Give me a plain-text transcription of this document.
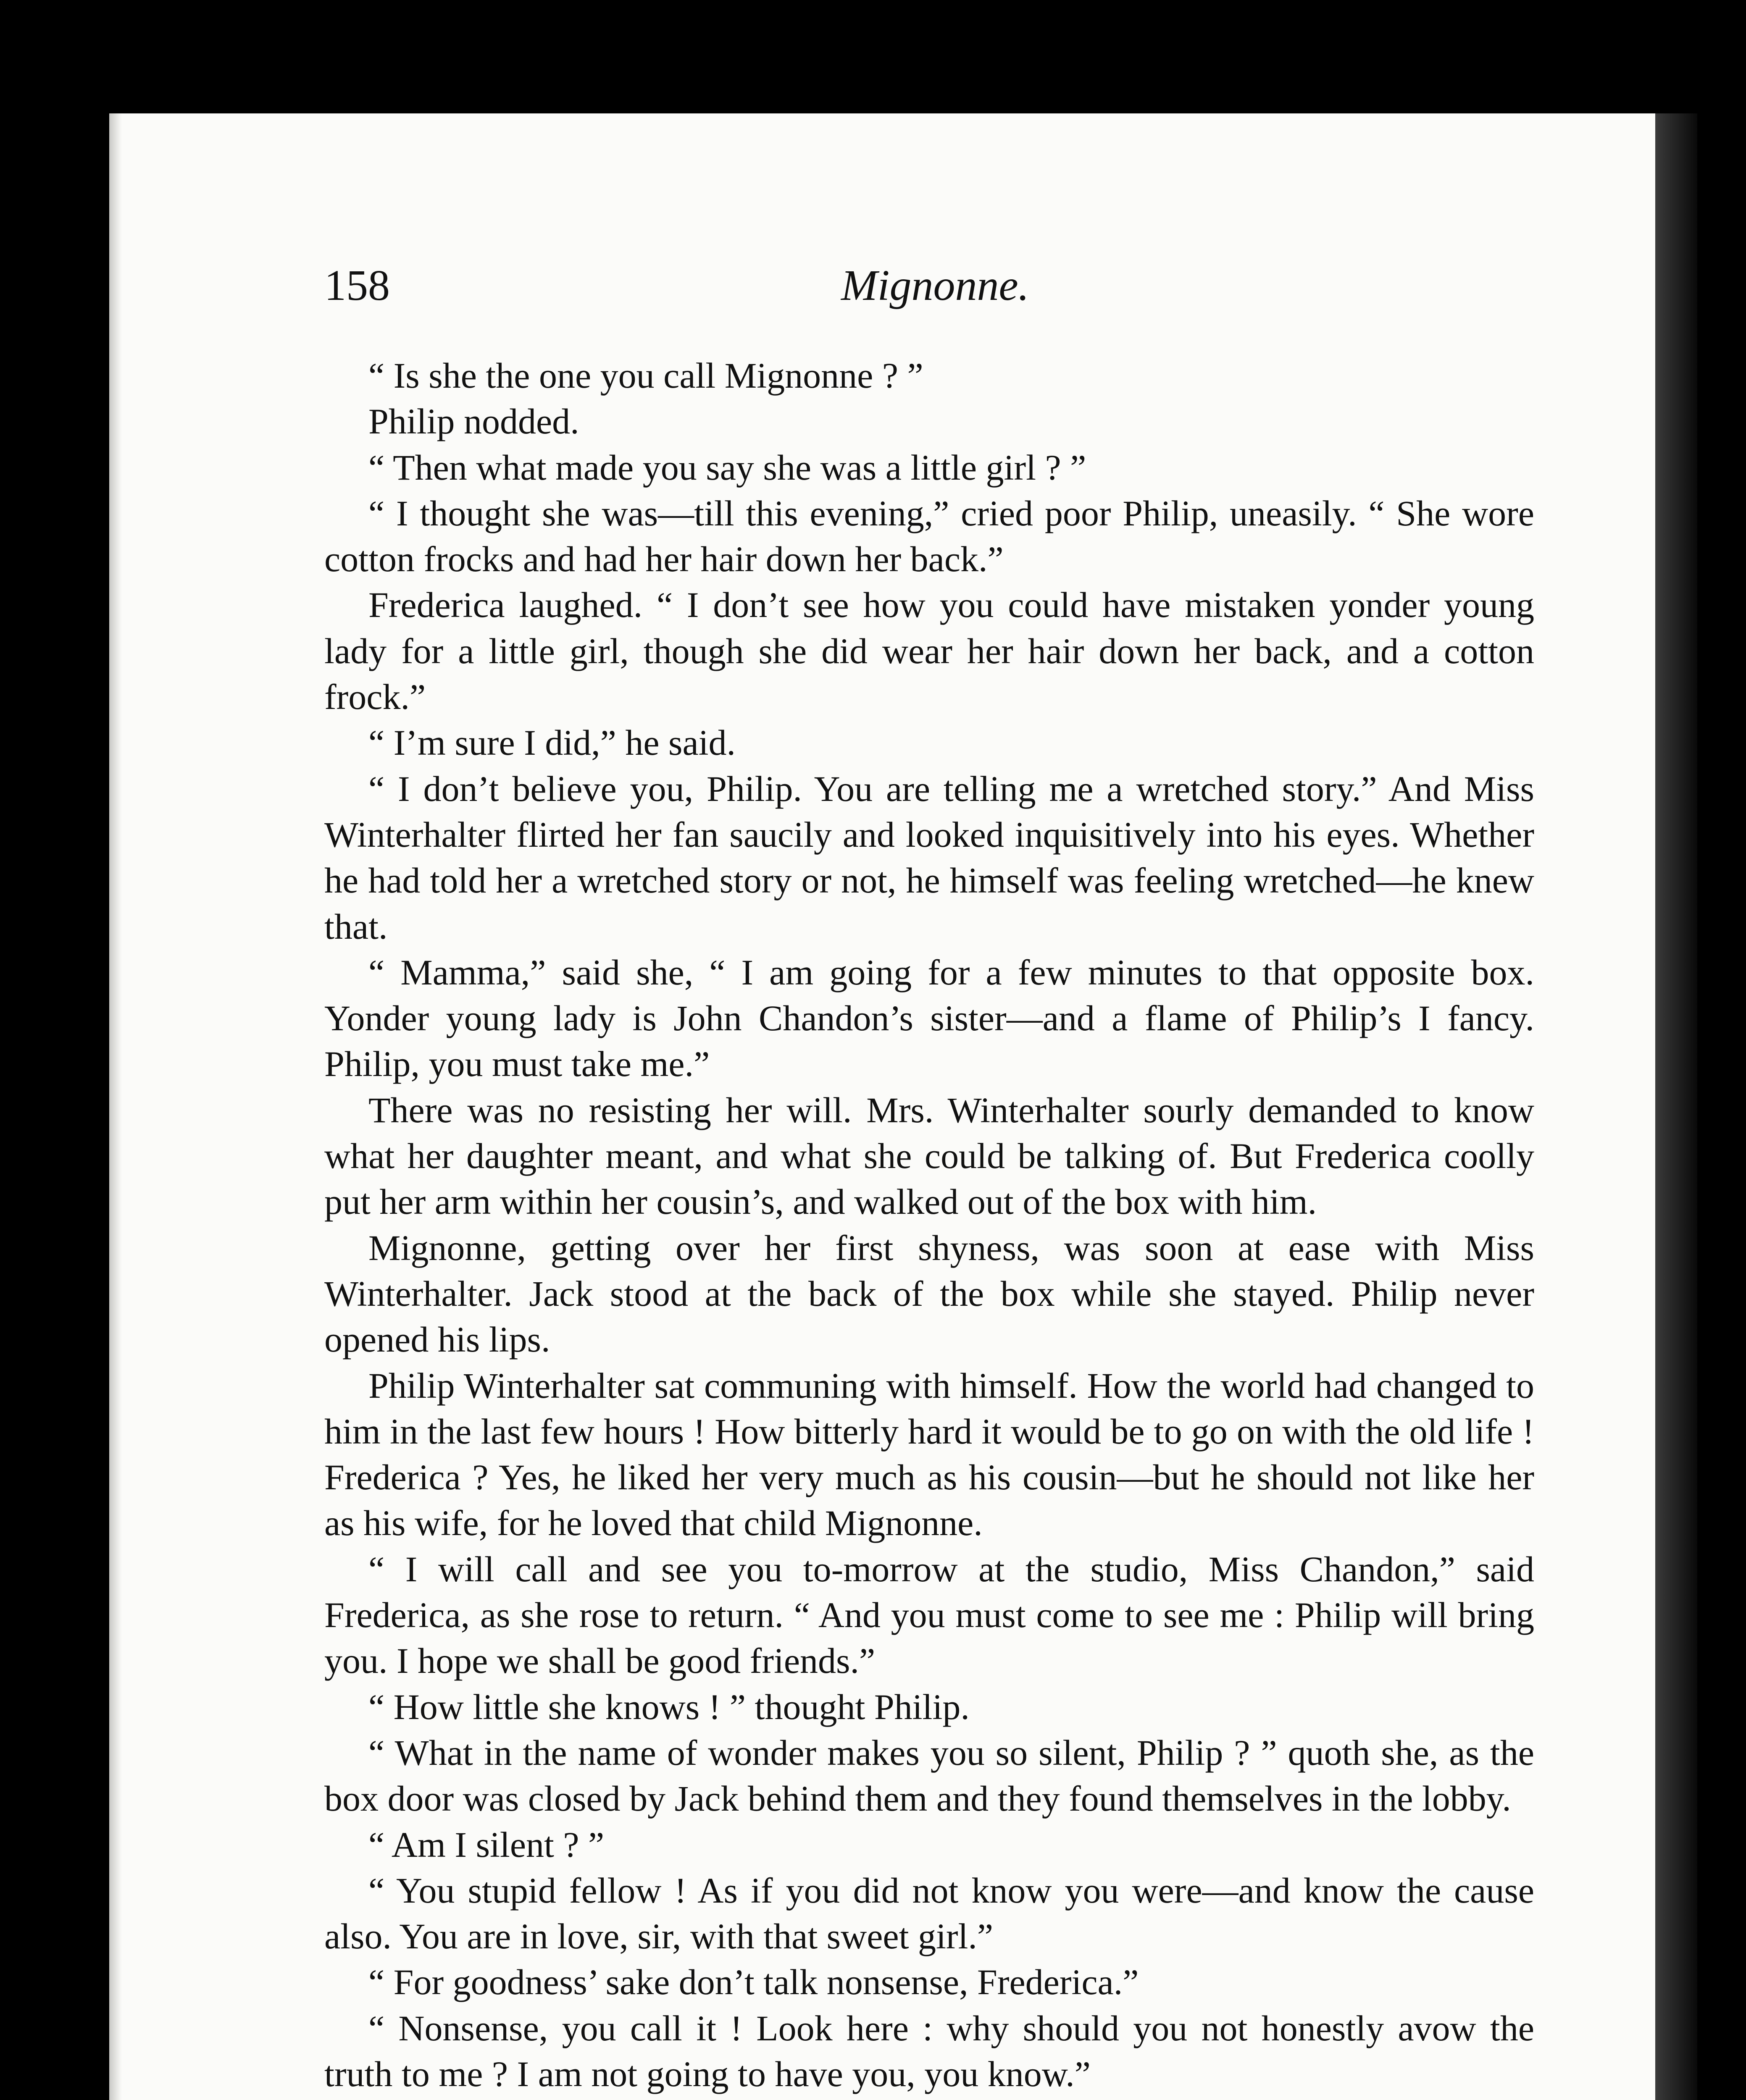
158	Mignonne.

“ Is she the one you call Mignonne ? ”

Philip nodded.

“ Then what made you say she was a little girl ? ”

“ I thought she was—till this evening,” cried poor Philip, uneasily. “ She wore cotton frocks and had her hair down her back.”

Frederica laughed. “ I don’t see how you could have mistaken yonder young lady for a little girl, though she did wear her hair down her back, and a cotton frock.”

“ I’m sure I did,” he said.

“ I don’t believe you, Philip. You are telling me a wretched story.” And Miss Winterhalter flirted her fan saucily and looked inquisitively into his eyes. Whether he had told her a wretched story or not, he himself was feeling wretched—he knew that.

“ Mamma,” said she, “ I am going for a few minutes to that opposite box. Yonder young lady is John Chandon’s sister—and a flame of Philip’s I fancy. Philip, you must take me.”

There was no resisting her will. Mrs. Winterhalter sourly demanded to know what her daughter meant, and what she could be talking of. But Frederica coolly put her arm within her cousin’s, and walked out of the box with him.

Mignonne, getting over her first shyness, was soon at ease with Miss Winterhalter. Jack stood at the back of the box while she stayed. Philip never opened his lips.

Philip Winterhalter sat communing with himself. How the world had changed to him in the last few hours ! How bitterly hard it would be to go on with the old life ! Frederica ? Yes, he liked her very much as his cousin—but he should not like her as his wife, for he loved that child Mignonne.

“ I will call and see you to-morrow at the studio, Miss Chandon,” said Frederica, as she rose to return. “ And you must come to see me : Philip will bring you. I hope we shall be good friends.”

“ How little she knows ! ” thought Philip.

“ What in the name of wonder makes you so silent, Philip ? ” quoth she, as the box door was closed by Jack behind them and they found themselves in the lobby.

“ Am I silent ? ”

“ You stupid fellow ! As if you did not know you were—and know the cause also. You are in love, sir, with that sweet girl.”

“ For goodness’ sake don’t talk nonsense, Frederica.”

“ Nonsense, you call it ! Look here : why should you not honestly avow the truth to me ? I am not going to have you, you know.”
